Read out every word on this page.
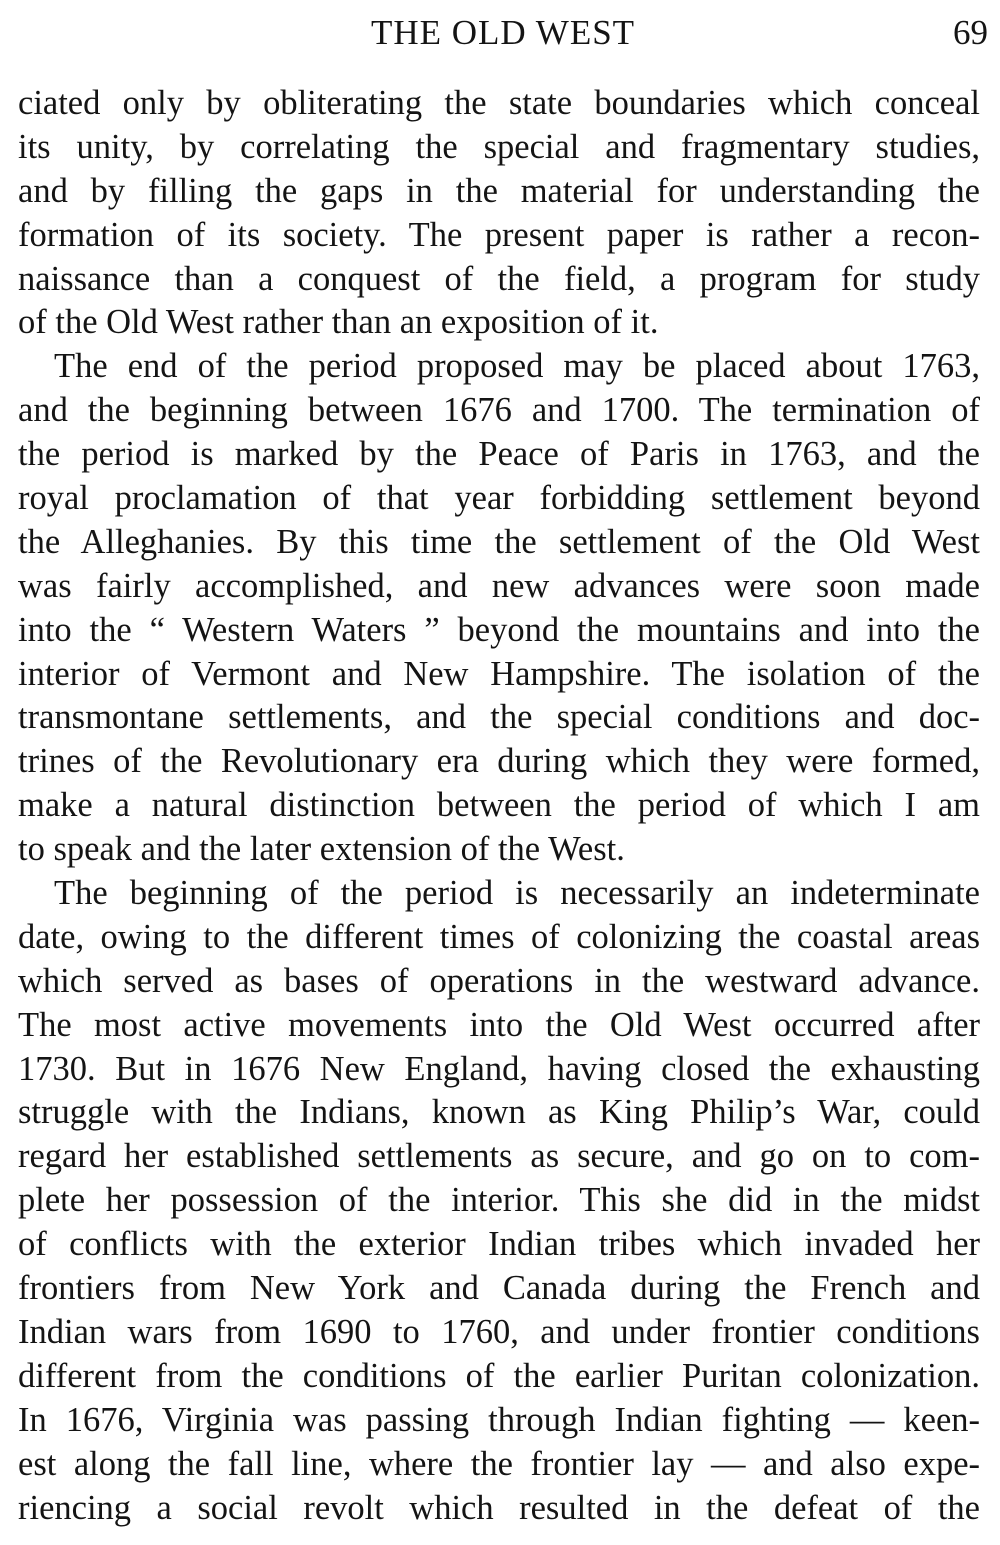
THE OLD WEST	69
ciated only by obliterating the state boundaries which conceal
its unity, by correlating the special and fragmentary studies,
and by filling the gaps in the material for understanding the
formation of its society. The present paper is rather a recon-
naissance than a conquest of the field, a program for study
of the Old West rather than an exposition of it.
The end of the period proposed may be placed about 1763,
and the beginning between 1676 and 1700. The termination of
the period is marked by the Peace of Paris in 1763, and the
royal proclamation of that year forbidding settlement beyond
the Alleghanies. By this time the settlement of the Old West
was fairly accomplished, and new advances were soon made
into the “ Western Waters ” beyond the mountains and into the
interior of Vermont and New Hampshire. The isolation of the
transmontane settlements, and the special conditions and doc-
trines of the Revolutionary era during which they were formed,
make a natural distinction between the period of which I am
to speak and the later extension of the West.
The beginning of the period is necessarily an indeterminate
date, owing to the different times of colonizing the coastal areas
which served as bases of operations in the westward advance.
The most active movements into the Old West occurred after
1730. But in 1676 New England, having closed the exhausting
struggle with the Indians, known as King Philip’s War, could
regard her established settlements as secure, and go on to com-
plete her possession of the interior. This she did in the midst
of conflicts with the exterior Indian tribes which invaded her
frontiers from New York and Canada during the French and
Indian wars from 1690 to 1760, and under frontier conditions
different from the conditions of the earlier Puritan colonization.
In 1676, Virginia was passing through Indian fighting — keen-
est along the fall line, where the frontier lay — and also expe-
riencing a social revolt which resulted in the defeat of the
